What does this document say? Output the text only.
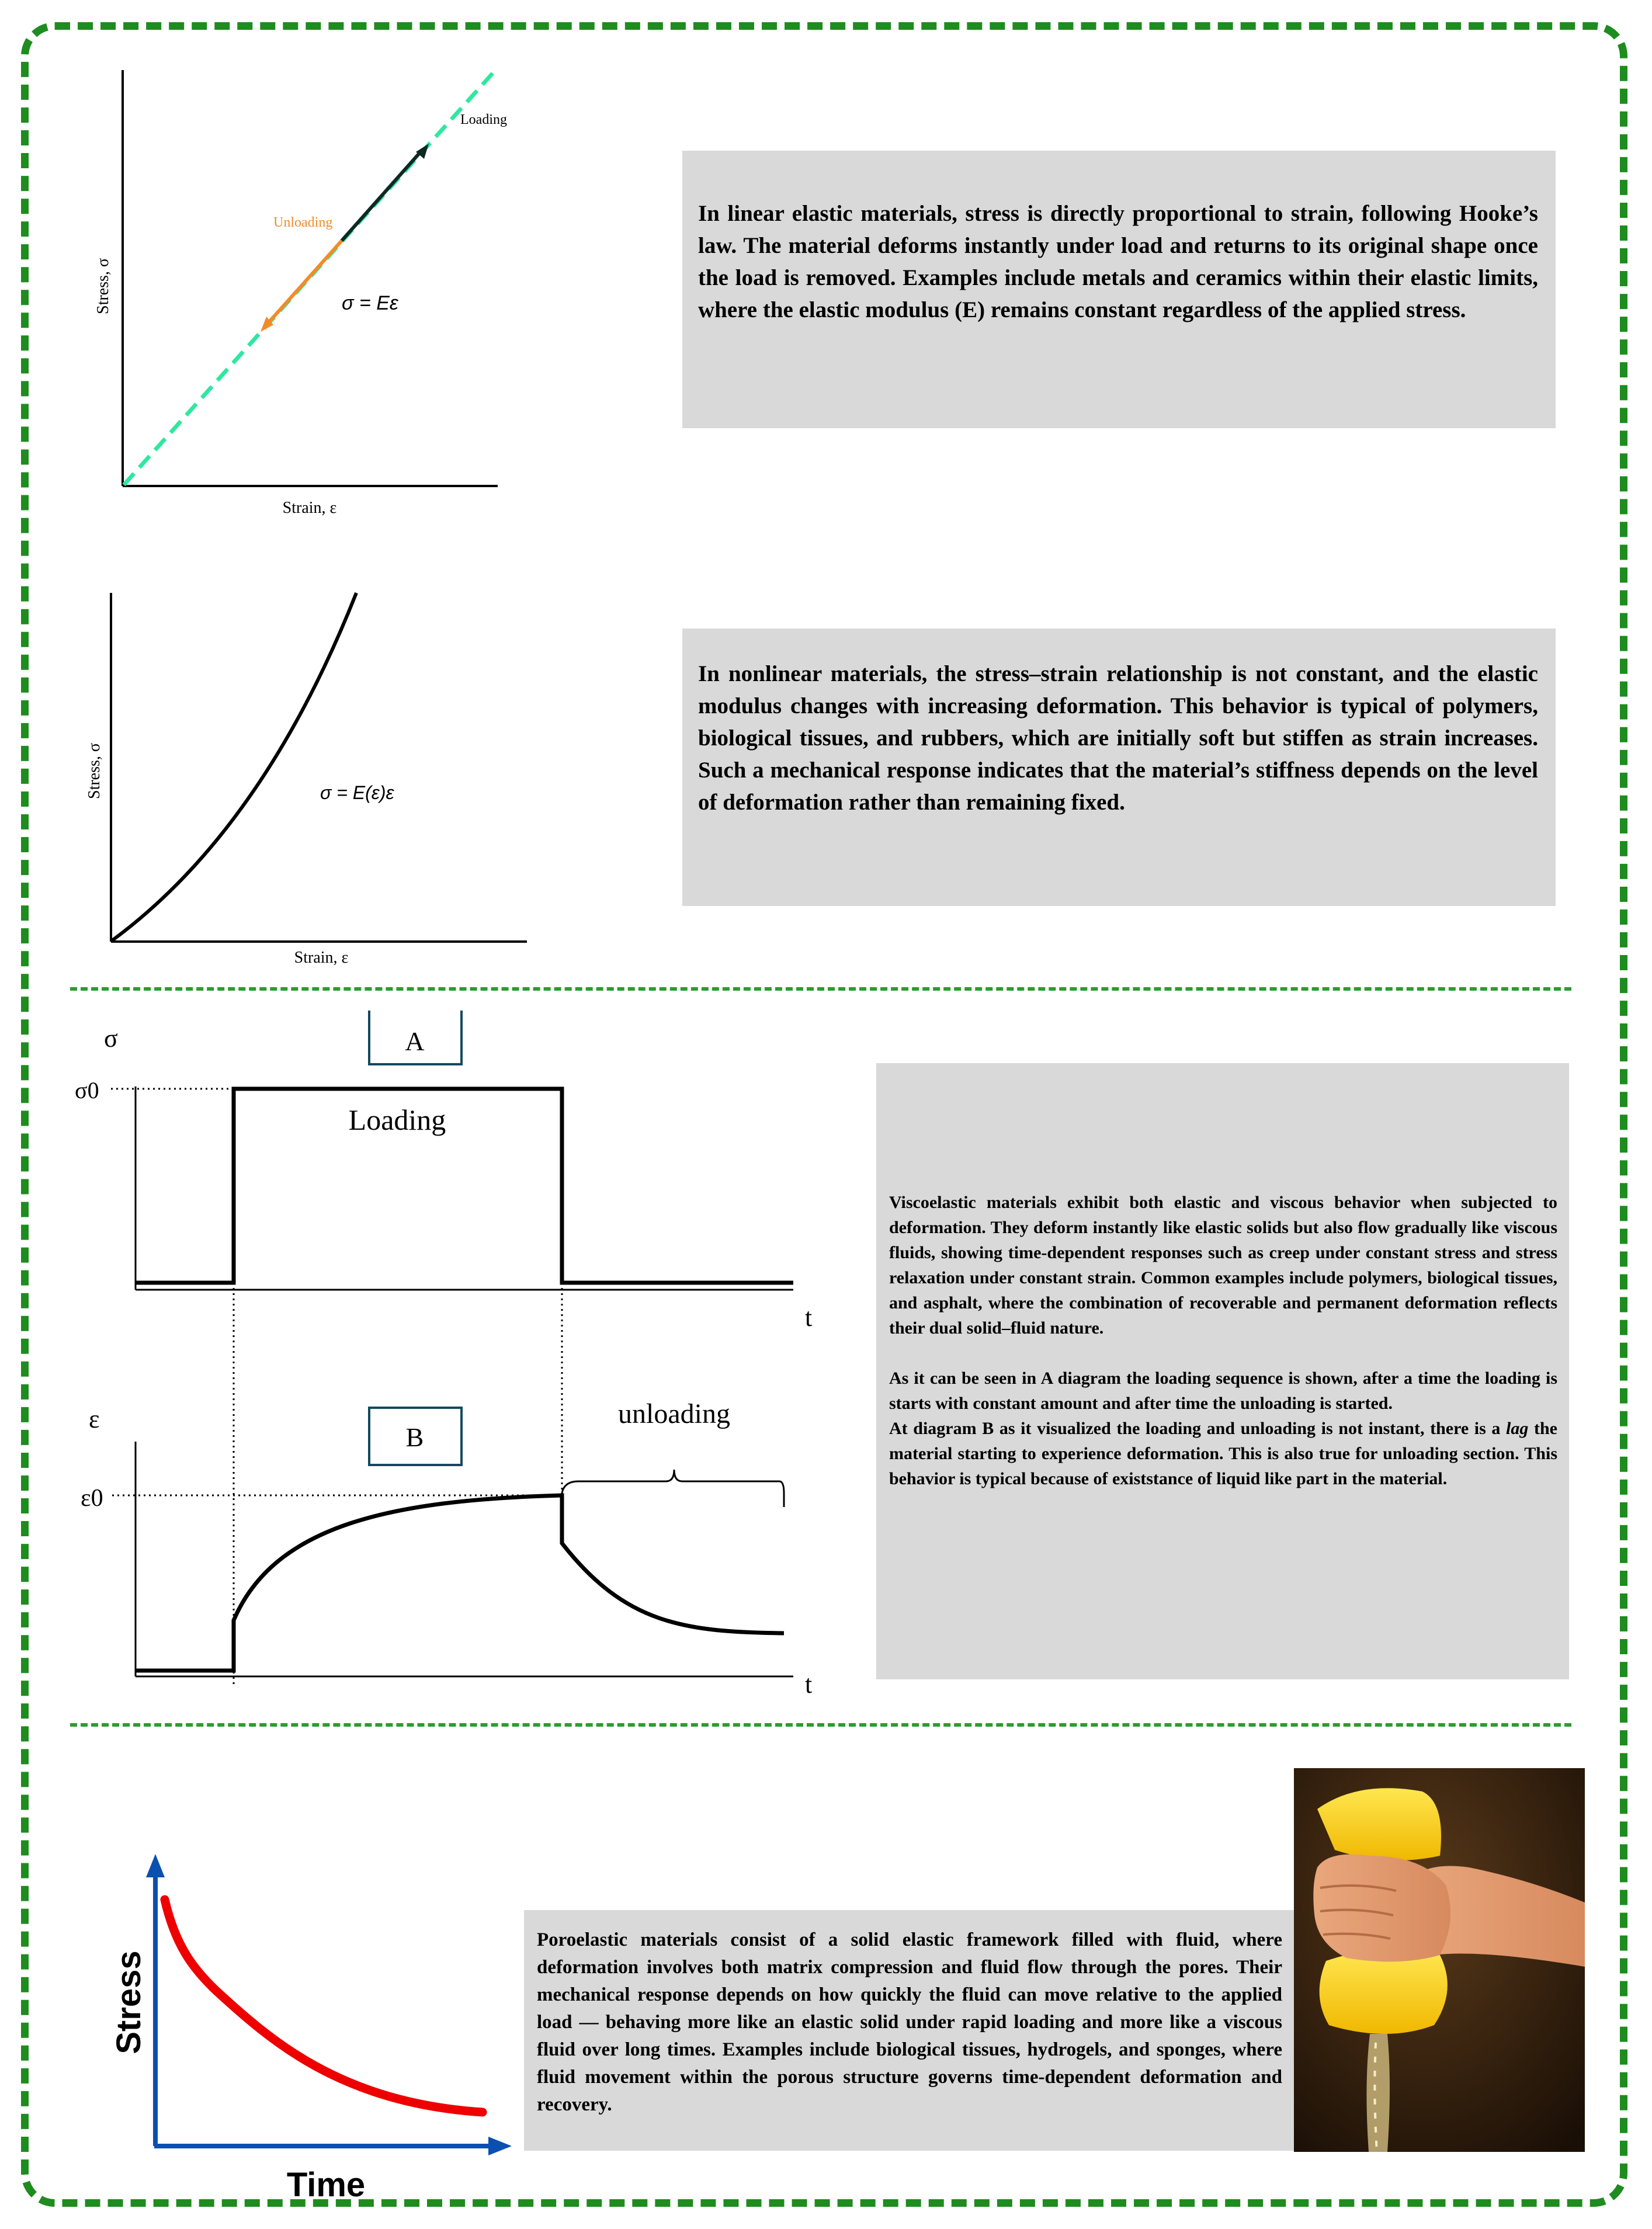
Loading
Unloading
σ = Eε
Stress, σ
Strain, ε

In linear elastic materials, stress is directly proportional to strain, following Hooke’s law. The material deforms instantly under load and returns to its original shape once the load is removed. Examples include metals and ceramics within their elastic limits, where the elastic modulus (E) remains constant regardless of the applied stress.

σ = E(ε)ε
Stress, σ
Strain, ε

In nonlinear materials, the stress–strain relationship is not constant, and the elastic modulus changes with increasing deformation. This behavior is typical of polymers, biological tissues, and rubbers, which are initially soft but stiffen as strain increases. Such a mechanical response indicates that the material’s stiffness depends on the level of deformation rather than remaining fixed.

A
σ
σ0
Loading
t
B
ε
ε0
unloading
t

Viscoelastic materials exhibit both elastic and viscous behavior when subjected to deformation. They deform instantly like elastic solids but also flow gradually like viscous fluids, showing time-dependent responses such as creep under constant stress and stress relaxation under constant strain. Common examples include polymers, biological tissues, and asphalt, where the combination of recoverable and permanent deformation reflects their dual solid–fluid nature.

As it can be seen in A diagram the loading sequence is shown, after a time the loading is starts with constant amount and after time the unloading is started.

At diagram B as it visualized the loading and unloading is not instant, there is a lag the material starting to experience deformation. This is also true for unloading section. This behavior is typical because of existstance of liquid like part in the material.

Stress
Time

Poroelastic materials consist of a solid elastic framework filled with fluid, where deformation involves both matrix compression and fluid flow through the pores. Their mechanical response depends on how quickly the fluid can move relative to the applied load — behaving more like an elastic solid under rapid loading and more like a viscous fluid over long times. Examples include biological tissues, hydrogels, and sponges, where fluid movement within the porous structure governs time-dependent deformation and recovery.
